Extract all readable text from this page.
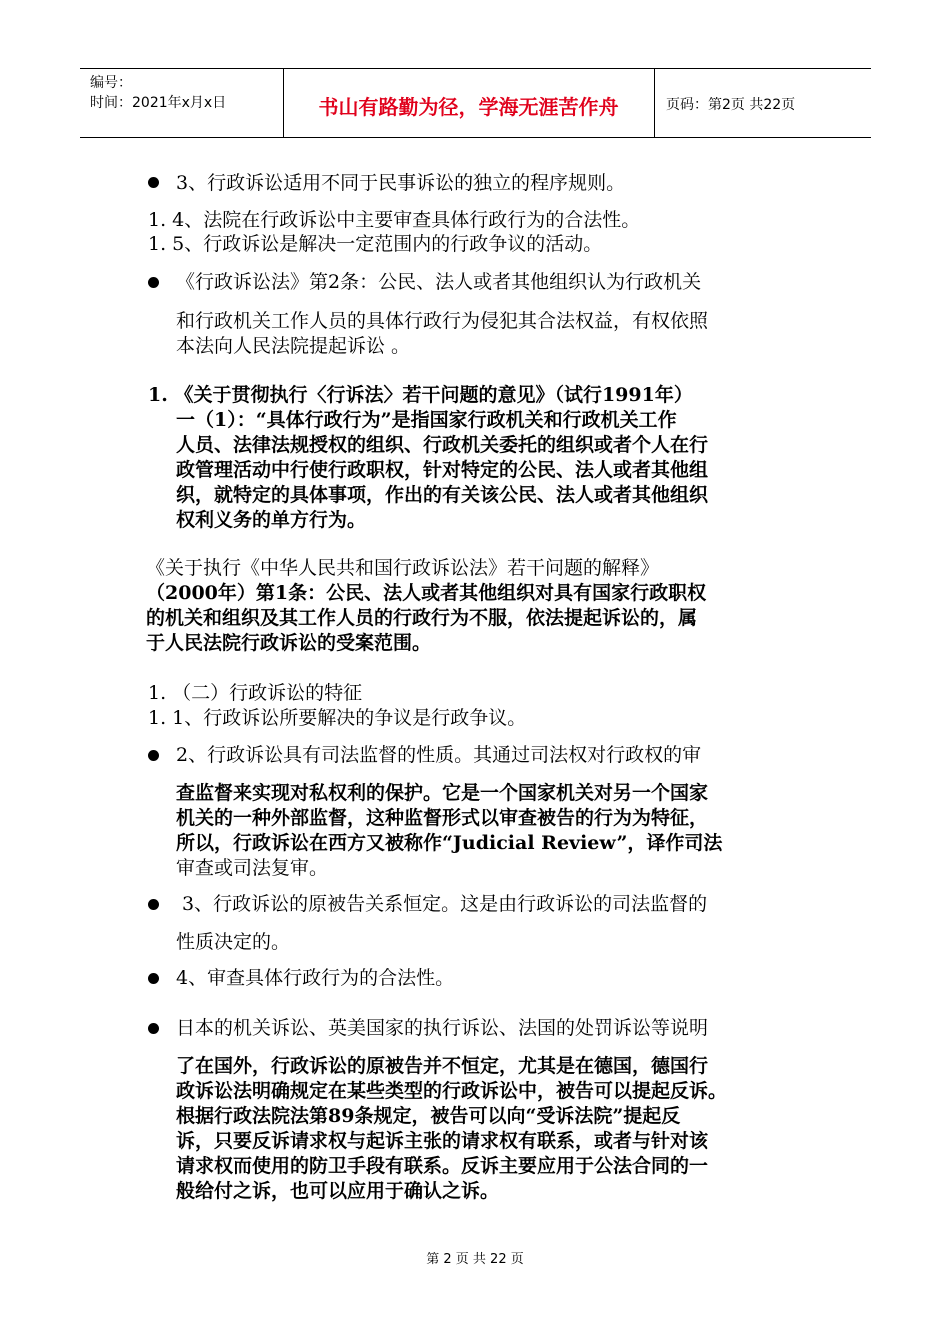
编号：
时间：2021年x月x日	书山有路勤为径，学海无涯苦作舟	页码：第2页 共22页
3、行政诉讼适用不同于民事诉讼的独立的程序规则。
1. 4、法院在行政诉讼中主要审查具体行政行为的合法性。
1. 5、行政诉讼是解决一定范围内的行政争议的活动。
《行政诉讼法》第2条：公民、法人或者其他组织认为行政机关
和行政机关工作人员的具体行政行为侵犯其合法权益，有权依照
本法向人民法院提起诉讼 。
1. 《关于贯彻执行〈行诉法〉若干问题的意见》（试行1991年）
一（1）：“具体行政行为”是指国家行政机关和行政机关工作
人员、法律法规授权的组织、行政机关委托的组织或者个人在行
政管理活动中行使行政职权，针对特定的公民、法人或者其他组
织，就特定的具体事项，作出的有关该公民、法人或者其他组织
权利义务的单方行为。
《关于执行《中华人民共和国行政诉讼法》若干问题的解释》
（2000年）第1条：公民、法人或者其他组织对具有国家行政职权
的机关和组织及其工作人员的行政行为不服，依法提起诉讼的，属
于人民法院行政诉讼的受案范围。
1. （二）行政诉讼的特征
1. 1、行政诉讼所要解决的争议是行政争议。
2、行政诉讼具有司法监督的性质。其通过司法权对行政权的审
查监督来实现对私权利的保护。它是一个国家机关对另一个国家
机关的一种外部监督，这种监督形式以审查被告的行为为特征，
所以，行政诉讼在西方又被称作“Judicial Review”，译作司法
审查或司法复审。
3、行政诉讼的原被告关系恒定。这是由行政诉讼的司法监督的
性质决定的。
4、审查具体行政行为的合法性。
日本的机关诉讼、英美国家的执行诉讼、法国的处罚诉讼等说明
了在国外，行政诉讼的原被告并不恒定，尤其是在德国，德国行
政诉讼法明确规定在某些类型的行政诉讼中，被告可以提起反诉。
根据行政法院法第89条规定，被告可以向“受诉法院”提起反
诉，只要反诉请求权与起诉主张的请求权有联系，或者与针对该
请求权而使用的防卫手段有联系。反诉主要应用于公法合同的一
般给付之诉，也可以应用于确认之诉。
第 2 页 共 22 页
